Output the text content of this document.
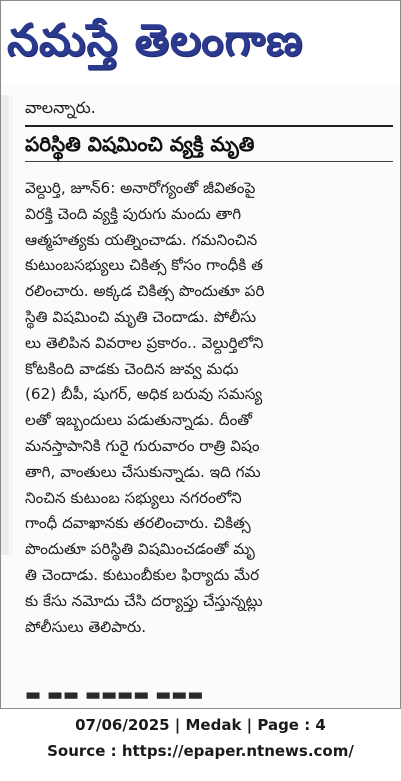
నమస్తే తెలంగాణ
వాలన్నారు.
పరిస్థితి విషమించి వ్యక్తి మృతి
వెల్దుర్తి, జూన్6: అనారోగ్యంతో జీవితంపై
విరక్తి చెంది వ్యక్తి పురుగు మందు తాగి
ఆత్మహత్యకు యత్నించాడు. గమనించిన
కుటుంబసభ్యులు చికిత్స కోసం గాంధీకి త
రలించారు. అక్కడ చికిత్స పొందుతూ పరి
స్థితి విషమించి మృతి చెందాడు. పోలీసు
లు తెలిపిన వివరాల ప్రకారం.. వెల్దుర్తిలోని
కోటకింది వాడకు చెందిన జువ్వ మధు
(62) బీపీ, షుగర్, అధిక బరువు సమస్య
లతో ఇబ్బందులు పడుతున్నాడు. దీంతో
మనస్తాపానికి గురై గురువారం రాత్రి విషం
తాగి, వాంతులు చేసుకున్నాడు. ఇది గమ
నించిన కుటుంబ సభ్యులు నగరంలోని
గాంధీ దవాఖానకు తరలించారు. చికిత్స
పొందుతూ పరిస్థితి విషమించడంతో మృ
తి చెందాడు. కుటుంబీకుల ఫిర్యాదు మేర
కు కేసు నమోదు చేసి దర్యాప్తు చేస్తున్నట్లు
పోలీసులు తెలిపారు.
▬ ▬▬ ▬▬▬▬ ▬▬▬
07/06/2025 | Medak | Page : 4
Source : https://epaper.ntnews.com/
